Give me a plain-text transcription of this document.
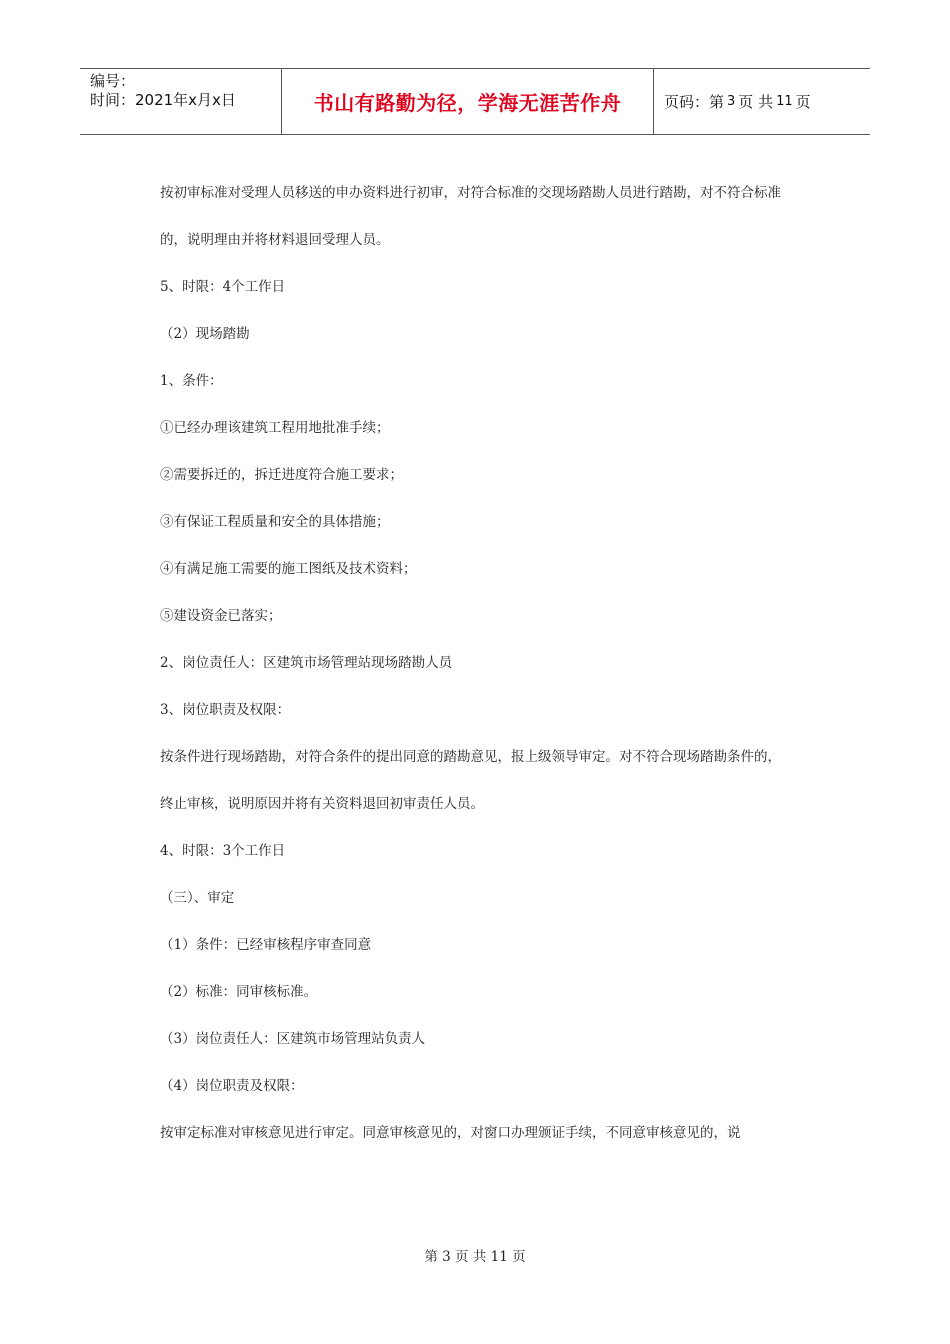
编号：
时间：2021年x月x日	书山有路勤为径，学海无涯苦作舟	页码：第 3 页 共 11 页

按初审标准对受理人员移送的申办资料进行初审，对符合标准的交现场踏勘人员进行踏勘，对不符合标准

的，说明理由并将材料退回受理人员。

5、时限：4个工作日

（2）现场踏勘

1、条件：

①已经办理该建筑工程用地批准手续；

②需要拆迁的，拆迁进度符合施工要求；

③有保证工程质量和安全的具体措施；

④有满足施工需要的施工图纸及技术资料；

⑤建设资金已落实；

2、岗位责任人：区建筑市场管理站现场踏勘人员

3、岗位职责及权限：

按条件进行现场踏勘，对符合条件的提出同意的踏勘意见，报上级领导审定。对不符合现场踏勘条件的，

终止审核，说明原因并将有关资料退回初审责任人员。

4、时限：3个工作日

（三）、审定

（1）条件：已经审核程序审查同意

（2）标准：同审核标准。

（3）岗位责任人：区建筑市场管理站负责人

（4）岗位职责及权限：

按审定标准对审核意见进行审定。同意审核意见的，对窗口办理颁证手续，不同意审核意见的，说

第 3 页 共 11 页
